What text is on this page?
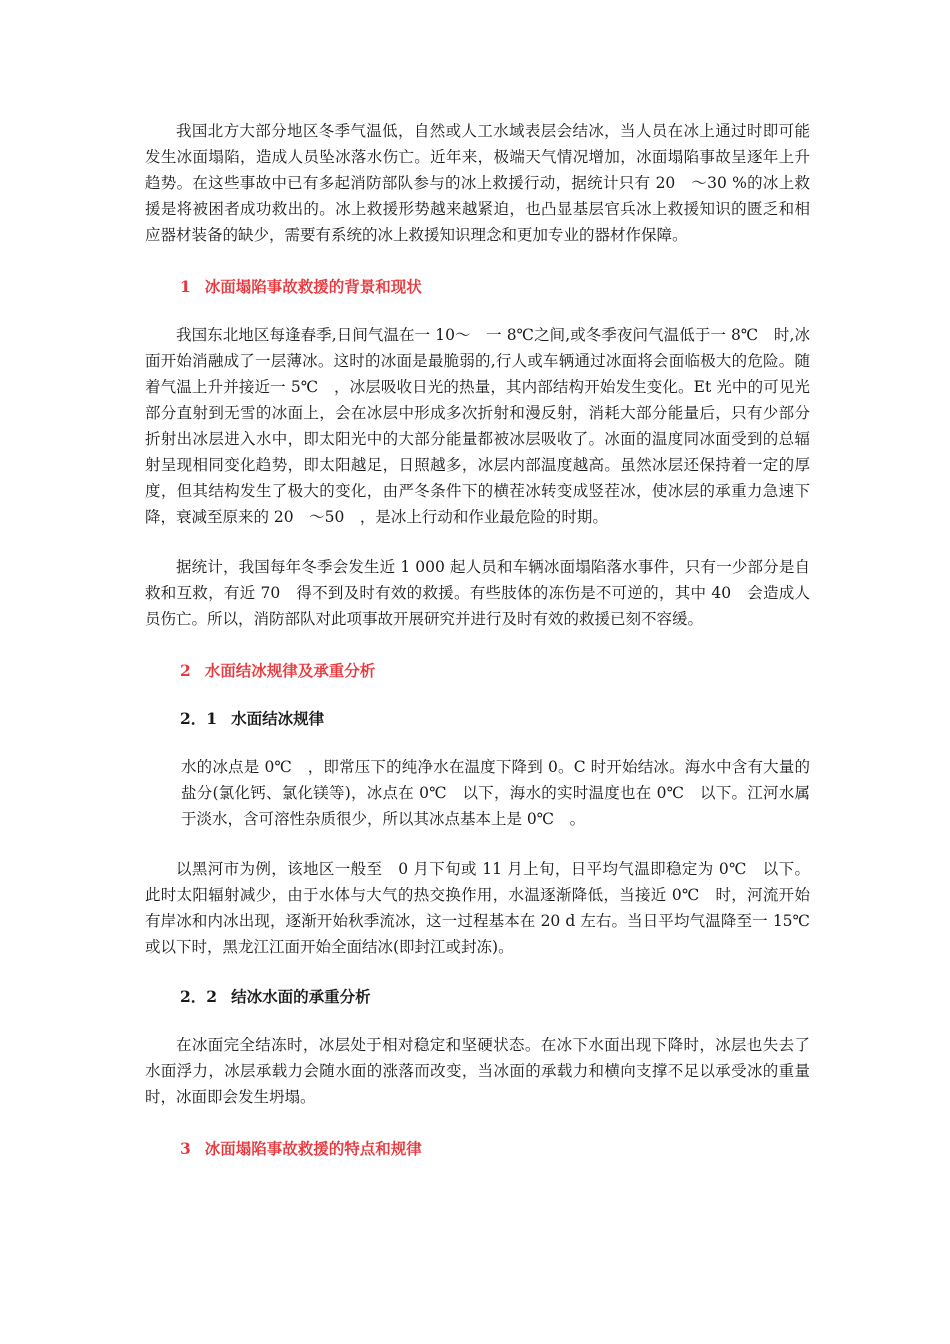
我国北方大部分地区冬季气温低，自然或人工水域表层会结冰，当人员在冰上通过时即可能发生冰面塌陷，造成人员坠冰落水伤亡。近年来，极端天气情况增加，冰面塌陷事故呈逐年上升趋势。在这些事故中已有多起消防部队参与的冰上救援行动，据统计只有 20　～30 %的冰上救援是将被困者成功救出的。冰上救援形势越来越紧迫，也凸显基层官兵冰上救援知识的匮乏和相应器材装备的缺少，需要有系统的冰上救援知识理念和更加专业的器材作保障。

1 冰面塌陷事故救援的背景和现状

我国东北地区每逢春季,日间气温在一 10～　一 8℃之间,或冬季夜问气温低于一 8℃　时,冰面开始消融成了一层薄冰。这时的冰面是最脆弱的,行人或车辆通过冰面将会面临极大的危险。随着气温上升并接近一 5℃　，冰层吸收日光的热量，其内部结构开始发生变化。Et 光中的可见光部分直射到无雪的冰面上，会在冰层中形成多次折射和漫反射，消耗大部分能量后，只有少部分折射出冰层进入水中，即太阳光中的大部分能量都被冰层吸收了。冰面的温度同冰面受到的总辐射呈现相同变化趋势，即太阳越足，日照越多，冰层内部温度越高。虽然冰层还保持着一定的厚度，但其结构发生了极大的变化，由严冬条件下的横茬冰转变成竖茬冰，使冰层的承重力急速下降，衰减至原来的 20　～50　，是冰上行动和作业最危险的时期。

据统计，我国每年冬季会发生近 1 000 起人员和车辆冰面塌陷落水事件，只有一少部分是自救和互救，有近 70　得不到及时有效的救援。有些肢体的冻伤是不可逆的，其中 40　会造成人员伤亡。所以，消防部队对此项事故开展研究并进行及时有效的救援已刻不容缓。

2 水面结冰规律及承重分析
2．1 水面结冰规律

水的冰点是 0℃　，即常压下的纯净水在温度下降到 0。C 时开始结冰。海水中含有大量的盐分(氯化钙、氯化镁等)，冰点在 0℃　以下，海水的实时温度也在 0℃　以下。江河水属于淡水，含可溶性杂质很少，所以其冰点基本上是 0℃　。

以黑河市为例，该地区一般至　0 月下旬或 11 月上旬，日平均气温即稳定为 0℃　以下。此时太阳辐射减少，由于水体与大气的热交换作用，水温逐渐降低，当接近 0℃　时，河流开始有岸冰和内冰出现，逐渐开始秋季流冰，这一过程基本在 20 d 左右。当日平均气温降至一 15℃或以下时，黑龙江江面开始全面结冰(即封江或封冻)。

2．2 结冰水面的承重分析

在冰面完全结冻时，冰层处于相对稳定和坚硬状态。在冰下水面出现下降时，冰层也失去了水面浮力，冰层承载力会随水面的涨落而改变，当冰面的承载力和横向支撑不足以承受冰的重量时，冰面即会发生坍塌。

3 冰面塌陷事故救援的特点和规律
